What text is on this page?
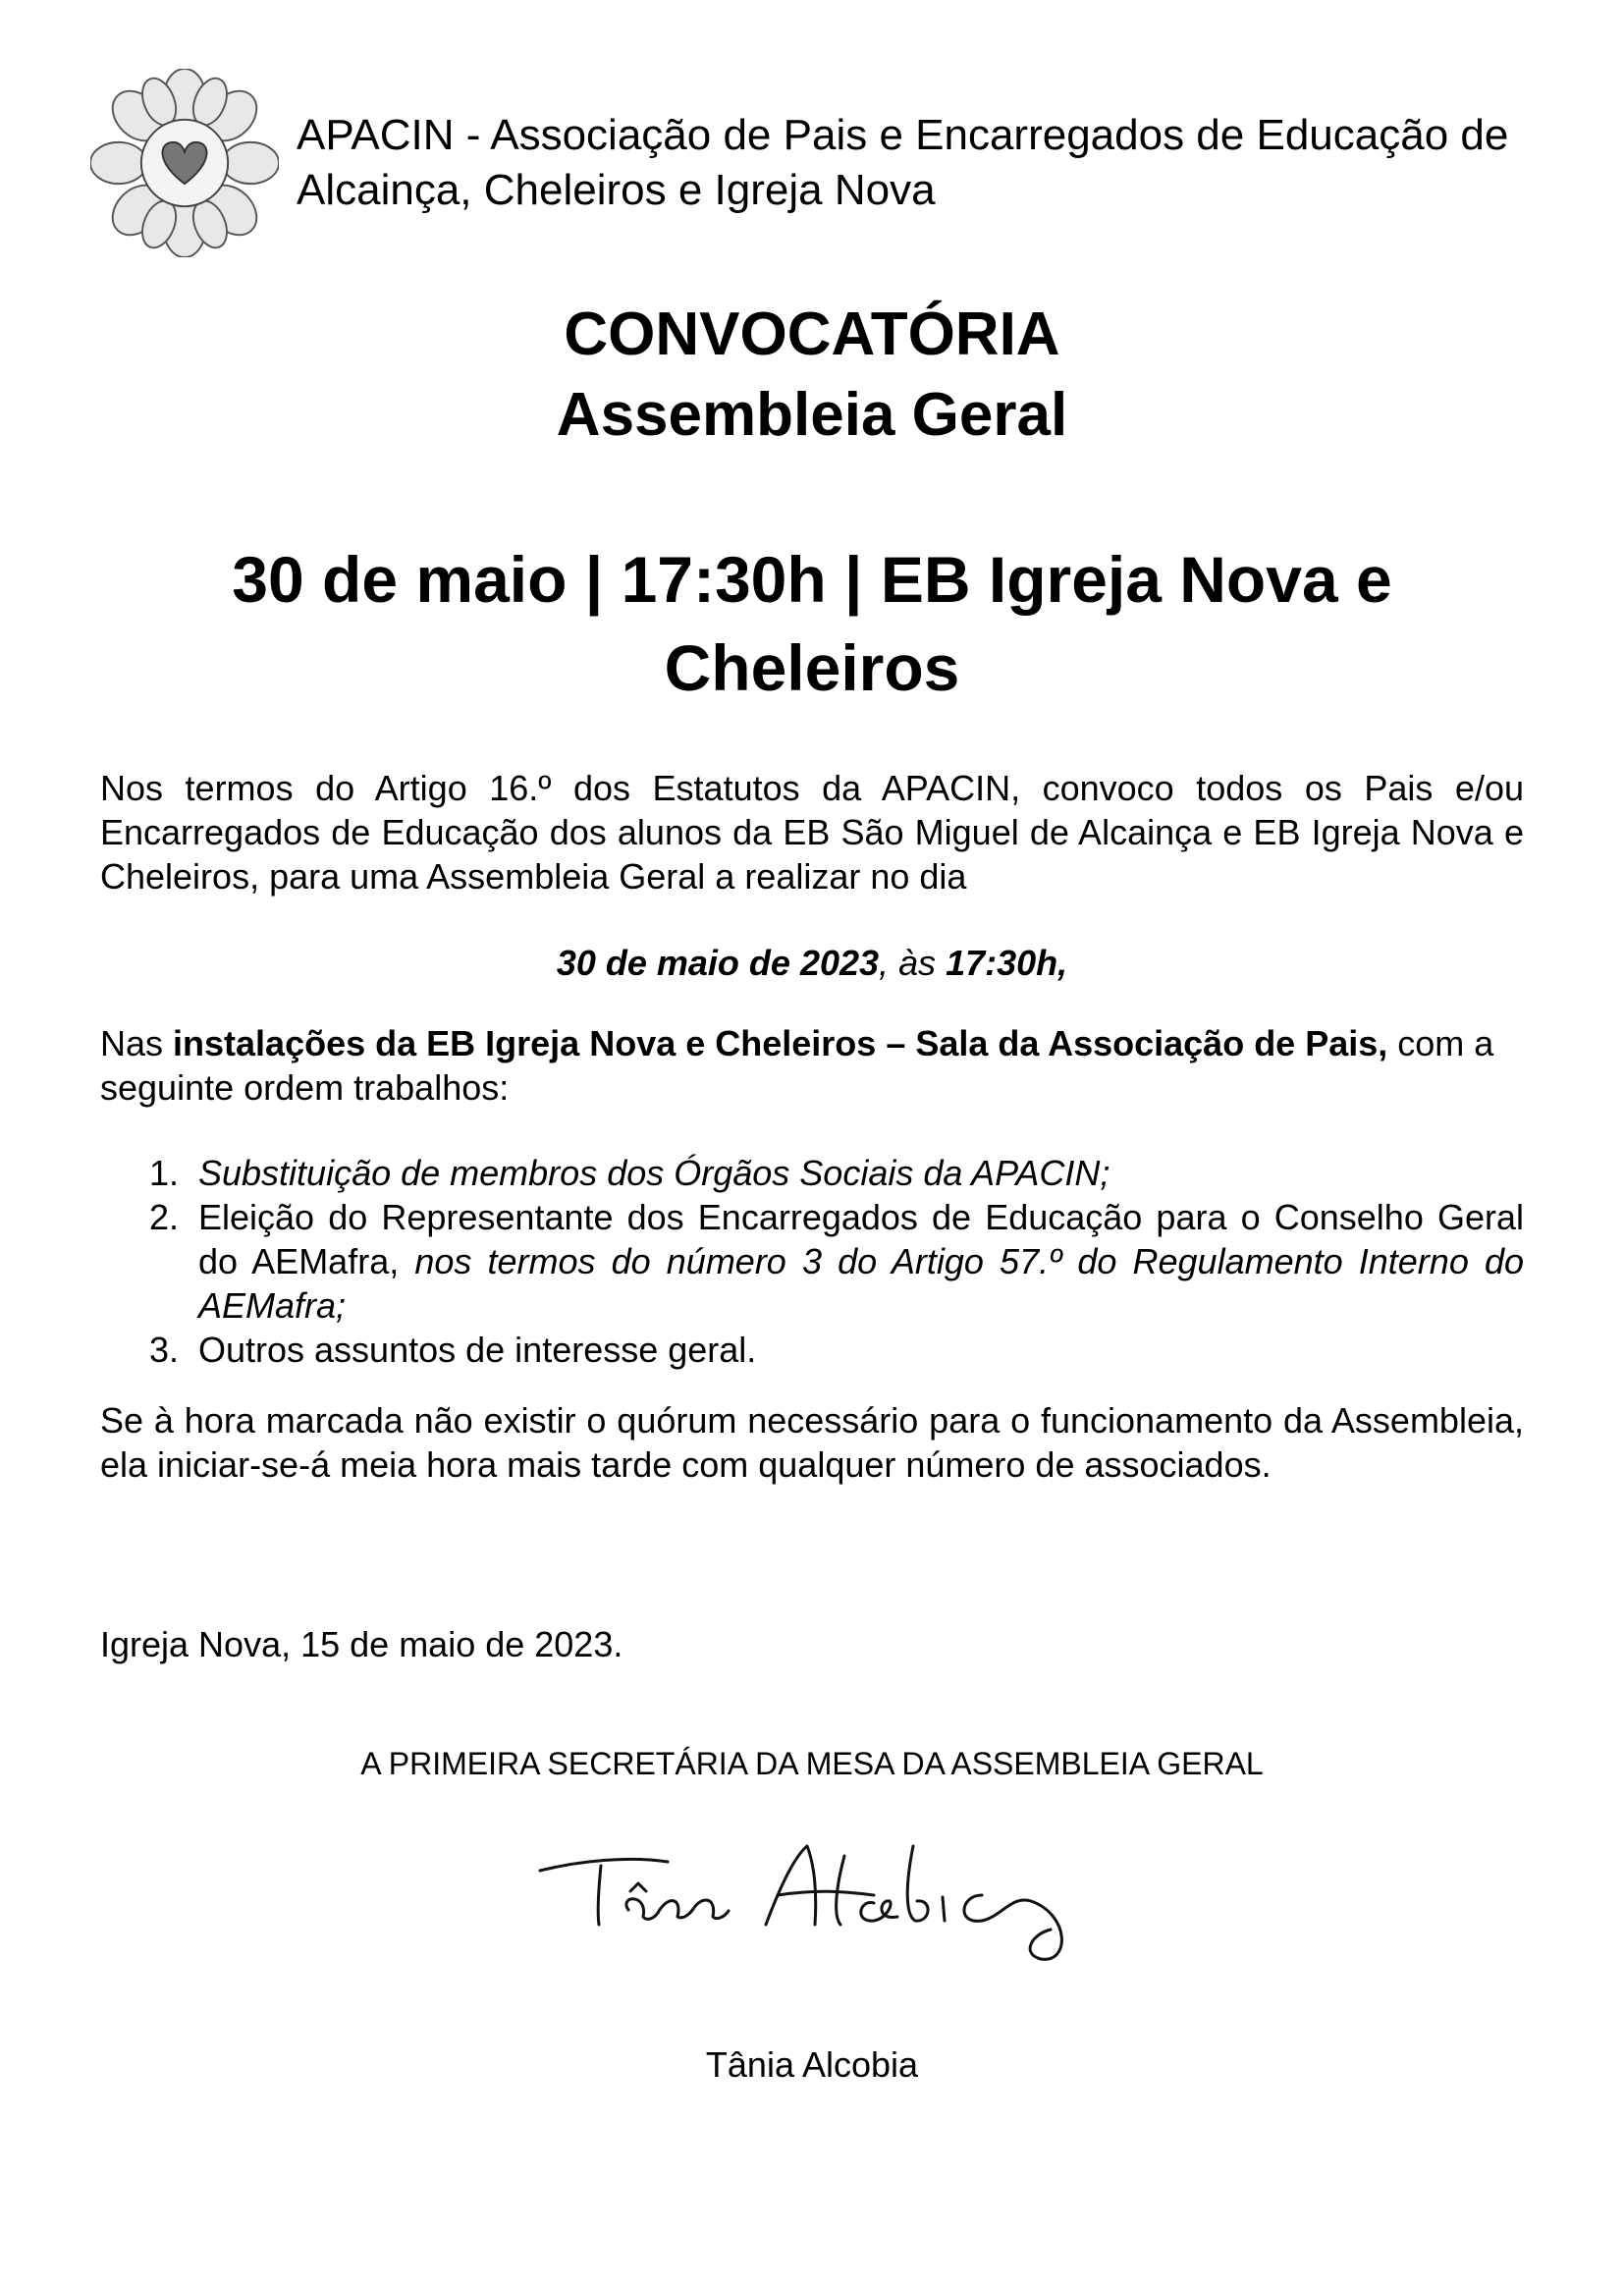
APACIN - Associação de Pais e Encarregados de Educação de Alcainça, Cheleiros e Igreja Nova
CONVOCATÓRIA
Assembleia Geral
30 de maio | 17:30h | EB Igreja Nova e Cheleiros
Nos termos do Artigo 16.º dos Estatutos da APACIN, convoco todos os Pais e/ou Encarregados de Educação dos alunos da EB São Miguel de Alcainça e EB Igreja Nova e Cheleiros, para uma Assembleia Geral a realizar no dia
30 de maio de 2023, às 17:30h,
Nas instalações da EB Igreja Nova e Cheleiros – Sala da Associação de Pais, com a seguinte ordem trabalhos:
1. Substituição de membros dos Órgãos Sociais da APACIN;
2. Eleição do Representante dos Encarregados de Educação para o Conselho Geral do AEMafra, nos termos do número 3 do Artigo 57.º do Regulamento Interno do AEMafra;
3. Outros assuntos de interesse geral.
Se à hora marcada não existir o quórum necessário para o funcionamento da Assembleia, ela iniciar-se-á meia hora mais tarde com qualquer número de associados.
Igreja Nova, 15 de maio de 2023.
A PRIMEIRA SECRETÁRIA DA MESA DA ASSEMBLEIA GERAL
Tânia Alcobia
